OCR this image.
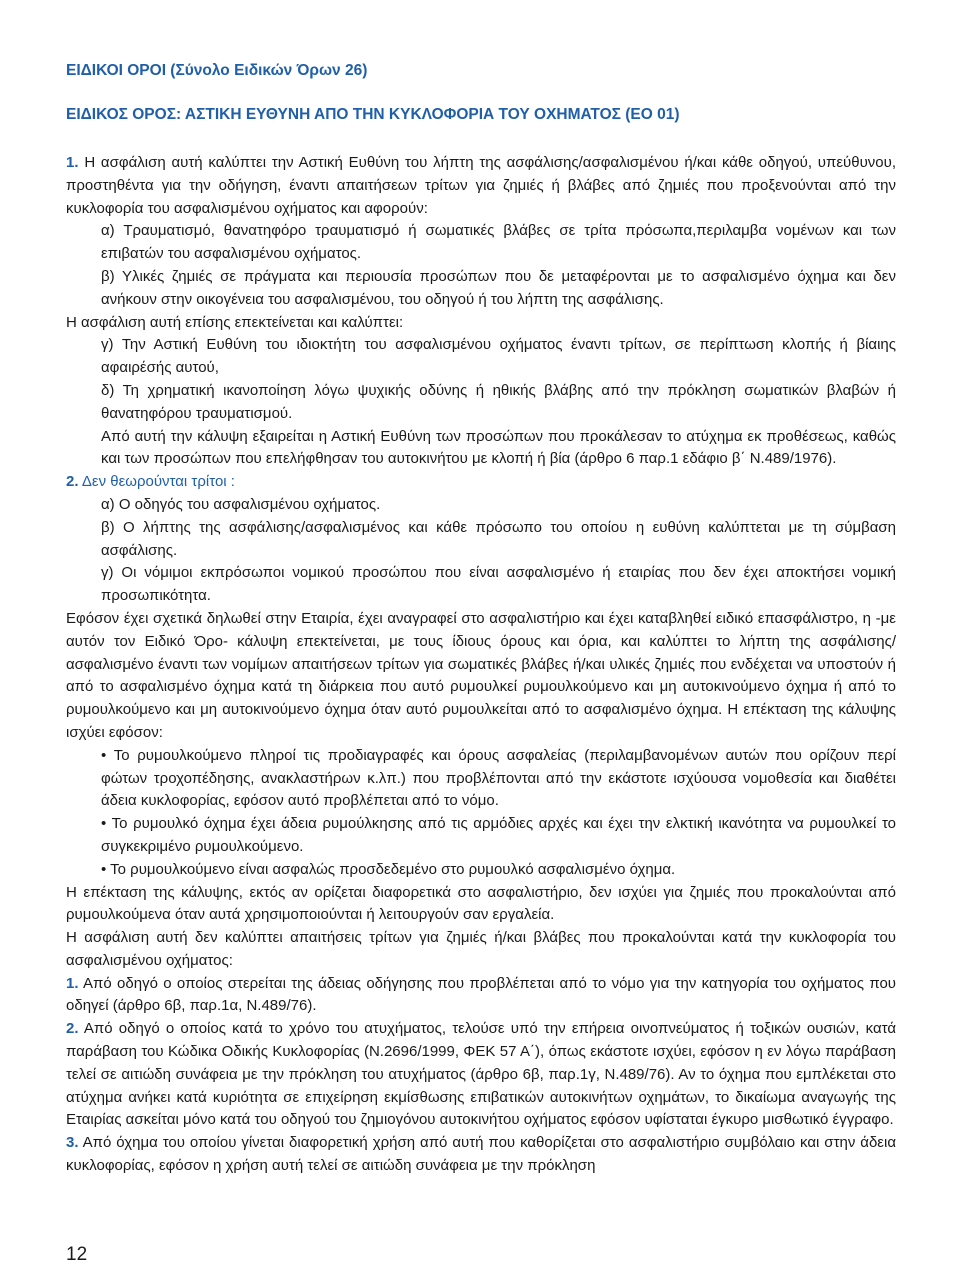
ΕΙΔΙΚΟΙ ΟΡΟΙ (Σύνολο Ειδικών Όρων 26)
ΕΙΔΙΚΟΣ ΟΡΟΣ: ΑΣΤΙΚΗ ΕΥΘΥΝΗ ΑΠΟ ΤΗΝ ΚΥΚΛΟΦΟΡΙΑ ΤΟΥ ΟΧΗΜΑΤΟΣ (ΕΟ 01)

1. Η ασφάλιση αυτή καλύπτει την Αστική Ευθύνη του λήπτη της ασφάλισης/ασφαλισμένου ή/και κάθε οδηγού, υπεύθυνου, προστηθέντα για την οδήγηση, έναντι απαιτήσεων τρίτων για ζημιές ή βλάβες από ζημιές που προξενούνται από την κυκλοφορία του ασφαλισμένου οχήματος και αφορούν:

α) Τραυματισμό, θανατηφόρο τραυματισμό ή σωματικές βλάβες σε τρίτα πρόσωπα,περιλαμβα νομένων και των επιβατών του ασφαλισμένου οχήματος.

β) Υλικές ζημιές σε πράγματα και περιουσία προσώπων που δε μεταφέρονται με το ασφαλισμένο όχημα και δεν ανήκουν στην οικογένεια του ασφαλισμένου, του οδηγού ή του λήπτη της ασφάλισης.

Η ασφάλιση αυτή επίσης επεκτείνεται και καλύπτει:

γ) Την Αστική Ευθύνη του ιδιοκτήτη του ασφαλισμένου οχήματος έναντι τρίτων, σε περίπτωση κλοπής ή βίαιης αφαιρέσής αυτού,

δ) Τη χρηματική ικανοποίηση λόγω ψυχικής οδύνης ή ηθικής βλάβης από την πρόκληση σωματικών βλαβών ή θανατηφόρου τραυματισμού.

Από αυτή την κάλυψη εξαιρείται η Αστική Ευθύνη των προσώπων που προκάλεσαν το ατύχημα εκ προθέσεως, καθώς και των προσώπων που επελήφθησαν του αυτοκινήτου με κλοπή ή βία (άρθρο 6 παρ.1 εδάφιο β΄ Ν.489/1976).

2. Δεν θεωρούνται τρίτοι :

α) Ο οδηγός του ασφαλισμένου οχήματος.

β) Ο λήπτης της ασφάλισης/ασφαλισμένος και κάθε πρόσωπο του οποίου η ευθύνη καλύπτεται με τη σύμβαση ασφάλισης.

γ) Οι νόμιμοι εκπρόσωποι νομικού προσώπου που είναι ασφαλισμένο ή εταιρίας που δεν έχει αποκτήσει νομική προσωπικότητα.

Εφόσον έχει σχετικά δηλωθεί στην Εταιρία, έχει αναγραφεί στο ασφαλιστήριο και έχει καταβληθεί ειδικό επασφάλιστρο, η -με αυτόν τον Ειδικό Όρο- κάλυψη επεκτείνεται, με τους ίδιους όρους και όρια, και καλύπτει το λήπτη της ασφάλισης/ασφαλισμένο έναντι των νομίμων απαιτήσεων τρίτων για σωματικές βλάβες ή/και υλικές ζημιές που ενδέχεται να υποστούν ή από το ασφαλισμένο όχημα κατά τη διάρκεια που αυτό ρυμουλκεί ρυμουλκούμενο και μη αυτοκινούμενο όχημα ή από το ρυμουλκούμενο και μη αυτοκινούμενο όχημα όταν αυτό ρυμουλκείται από το ασφαλισμένο όχημα. Η επέκταση της κάλυψης ισχύει εφόσον:

• Το ρυμουλκούμενο πληροί τις προδιαγραφές και όρους ασφαλείας (περιλαμβανομένων αυτών που ορίζουν περί φώτων τροχοπέδησης, ανακλαστήρων κ.λπ.) που προβλέπονται από την εκάστοτε ισχύουσα νομοθεσία και διαθέτει άδεια κυκλοφορίας, εφόσον αυτό προβλέπεται από το νόμο.

• Το ρυμουλκό όχημα έχει άδεια ρυμούλκησης από τις αρμόδιες αρχές και έχει την ελκτική ικανότητα να ρυμουλκεί το συγκεκριμένο ρυμουλκούμενο.

• Το ρυμουλκούμενο είναι ασφαλώς προσδεδεμένο στο ρυμουλκό ασφαλισμένο όχημα.

Η επέκταση της κάλυψης, εκτός αν ορίζεται διαφορετικά στο ασφαλιστήριο, δεν ισχύει για ζημιές που προκαλούνται από ρυμουλκούμενα όταν αυτά χρησιμοποιούνται ή λειτουργούν σαν εργαλεία.

Η ασφάλιση αυτή δεν καλύπτει απαιτήσεις τρίτων για ζημιές ή/και βλάβες που προκαλούνται κατά την κυκλοφορία του ασφαλισμένου οχήματος:

1. Από οδηγό ο οποίος στερείται της άδειας οδήγησης που προβλέπεται από το νόμο για την κατηγορία του οχήματος που οδηγεί (άρθρο 6β, παρ.1α, Ν.489/76).

2. Από οδηγό ο οποίος κατά το χρόνο του ατυχήματος, τελούσε υπό την επήρεια οινοπνεύματος ή τοξικών ουσιών, κατά παράβαση του Κώδικα Οδικής Κυκλοφορίας (Ν.2696/1999, ΦΕΚ 57 Α΄), όπως εκάστοτε ισχύει, εφόσον η εν λόγω παράβαση τελεί σε αιτιώδη συνάφεια με την πρόκληση του ατυχήματος (άρθρο 6β, παρ.1γ, Ν.489/76). Αν το όχημα που εμπλέκεται στο ατύχημα ανήκει κατά κυριότητα σε επιχείρηση εκμίσθωσης επιβατικών αυτοκινήτων οχημάτων, το δικαίωμα αναγωγής της Εταιρίας ασκείται μόνο κατά του οδηγού του ζημιογόνου αυτοκινήτου οχήματος εφόσον υφίσταται έγκυρο μισθωτικό έγγραφο.

3. Από όχημα του οποίου γίνεται διαφορετική χρήση από αυτή που καθορίζεται στο ασφαλιστήριο συμβόλαιο και στην άδεια κυκλοφορίας, εφόσον η χρήση αυτή τελεί σε αιτιώδη συνάφεια με την πρόκληση

12
